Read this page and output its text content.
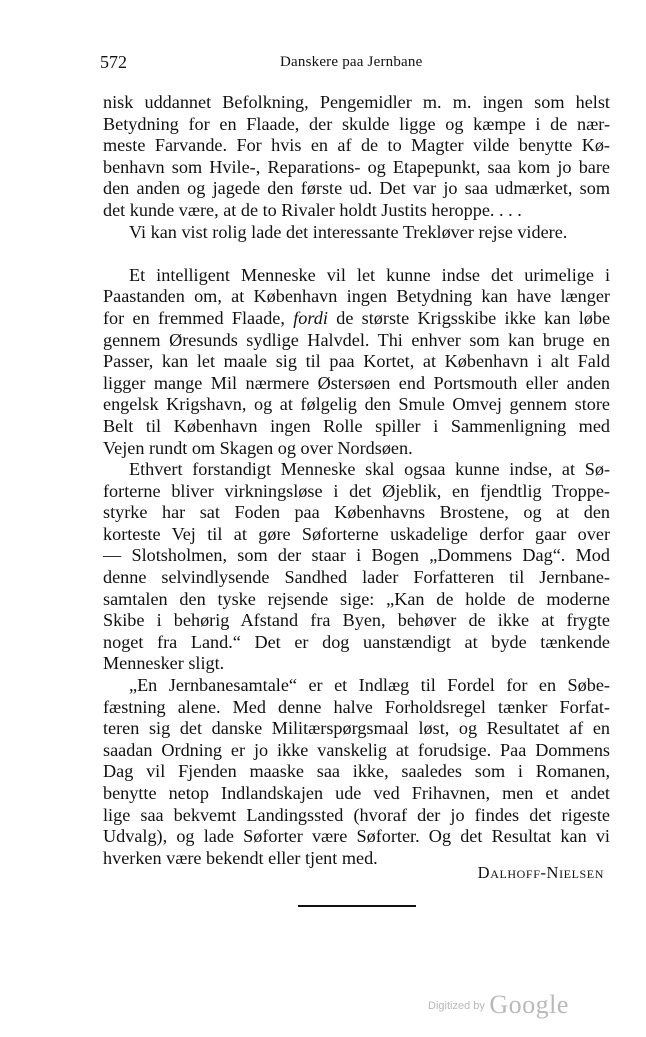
572	Danskere paa Jernbane
nisk uddannet Befolkning, Pengemidler m. m. ingen som helst
Betydning for en Flaade, der skulde ligge og kæmpe i de nær-
meste Farvande. For hvis en af de to Magter vilde benytte Kø-
benhavn som Hvile-, Reparations- og Etapepunkt, saa kom jo bare
den anden og jagede den første ud. Det var jo saa udmærket, som
det kunde være, at de to Rivaler holdt Justits heroppe. . . .
Vi kan vist rolig lade det interessante Trekløver rejse videre.
Et intelligent Menneske vil let kunne indse det urimelige i
Paastanden om, at København ingen Betydning kan have længer
for en fremmed Flaade, fordi de største Krigsskibe ikke kan løbe
gennem Øresunds sydlige Halvdel. Thi enhver som kan bruge en
Passer, kan let maale sig til paa Kortet, at København i alt Fald
ligger mange Mil nærmere Østersøen end Portsmouth eller anden
engelsk Krigshavn, og at følgelig den Smule Omvej gennem store
Belt til København ingen Rolle spiller i Sammenligning med
Vejen rundt om Skagen og over Nordsøen.
Ethvert forstandigt Menneske skal ogsaa kunne indse, at Sø-
forterne bliver virkningsløse i det Øjeblik, en fjendtlig Troppe-
styrke har sat Foden paa Københavns Brostene, og at den
korteste Vej til at gøre Søforterne uskadelige derfor gaar over
— Slotsholmen, som der staar i Bogen „Dommens Dag“. Mod
denne selvindlysende Sandhed lader Forfatteren til Jernbane-
samtalen den tyske rejsende sige: „Kan de holde de moderne
Skibe i behørig Afstand fra Byen, behøver de ikke at frygte
noget fra Land.“ Det er dog uanstændigt at byde tænkende
Mennesker sligt.
„En Jernbanesamtale“ er et Indlæg til Fordel for en Søbe-
fæstning alene. Med denne halve Forholdsregel tænker Forfat-
teren sig det danske Militærspørgsmaal løst, og Resultatet af en
saadan Ordning er jo ikke vanskelig at forudsige. Paa Dommens
Dag vil Fjenden maaske saa ikke, saaledes som i Romanen,
benytte netop Indlandskajen ude ved Frihavnen, men et andet
lige saa bekvemt Landingssted (hvoraf der jo findes det rigeste
Udvalg), og lade Søforter være Søforter. Og det Resultat kan vi
hverken være bekendt eller tjent med.
Dalhoff-Nielsen
$^{Digitized by}$ Google
